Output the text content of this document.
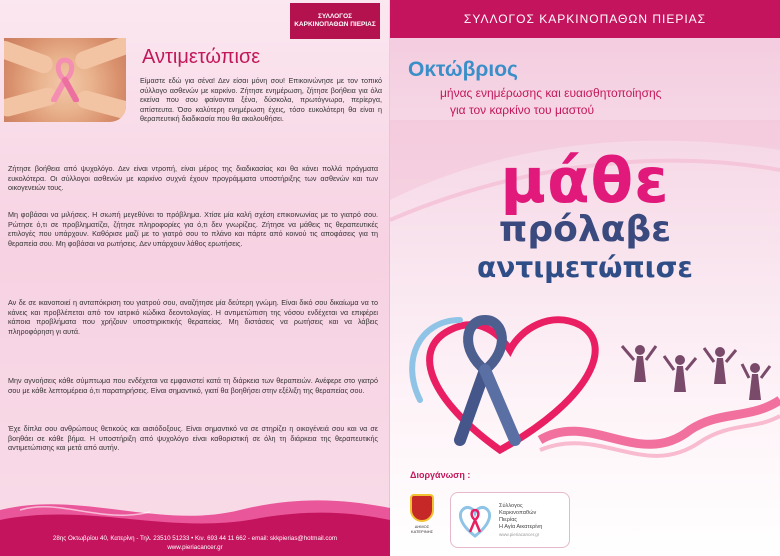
ΣΥΛΛΟΓΟΣ ΚΑΡΚΙΝΟΠΑΘΩΝ ΠΙΕΡΙΑΣ
Αντιμετώπισε
Είμαστε εδώ για σένα! Δεν είσαι μόνη σου! Επικοινώνησε με τον τοπικό σύλλογο ασθενών με καρκίνο. Ζήτησε ενημέρωση, ζήτησε βοήθεια για όλα εκείνα που σου φαίνονται ξένα, δύσκολα, πρωτόγνωρα, περίεργα, απίστευτα. Όσο καλύτερη ενημέρωση έχεις, τόσο ευκολότερη θα είναι η θεραπευτική διαδικασία που θα ακολουθήσει.
Ζήτησε βοήθεια από ψυχολόγο. Δεν είναι ντροπή, είναι μέρος της διαδικασίας και θα κάνει πολλά πράγματα ευκολότερα. Οι σύλλογοι ασθενών με καρκίνο συχνά έχουν προγράμματα υποστήριξης των ασθενών και των οικογενειών τους.
Μη φοβάσαι να μιλήσεις. Η σιωπή μεγεθύνει το πρόβλημα. Χτίσε μία καλή σχέση επικοινωνίας με το γιατρό σου. Ρώτησε ό,τι σε προβληματίζει, ζήτησε πληροφορίες για ό,τι δεν γνωρίζεις. Ζήτησε να μάθεις τις θεραπευτικές επιλογές που υπάρχουν. Καθόρισε μαζί με το γιατρό σου το πλάνο και πάρτε από κοινού τις αποφάσεις για τη θεραπεία σου. Μη φοβάσαι να ρωτήσεις. Δεν υπάρχουν λάθος ερωτήσεις.
Αν δε σε ικανοποιεί η ανταπόκριση του γιατρού σου, αναζήτησε μία δεύτερη γνώμη. Είναι δικό σου δικαίωμα να το κάνεις και προβλέπεται από τον ιατρικό κώδικα δεοντολογίας. Η αντιμετώπιση της νόσου ενδέχεται να επιφέρει κάποια προβλήματα που χρήζουν υποστηρικτικής θεραπείας. Μη διστάσεις να ρωτήσεις και να λάβεις πληροφόρηση γι αυτά.
Μην αγνοήσεις κάθε σύμπτωμα που ενδέχεται να εμφανιστεί κατά τη διάρκεια των θεραπειών. Ανέφερε στο γιατρό σου με κάθε λεπτομέρεια ό,τι παρατηρήσεις. Είναι σημαντικό, γιατί θα βοηθήσει στην εξέλιξη της θεραπείας σου.
Έχε δίπλα σου ανθρώπους θετικούς και αισιόδοξους. Είναι σημαντικό να σε στηρίζει η οικογένειά σου και να σε βοηθάει σε κάθε βήμα. Η υποστήριξη από ψυχολόγο είναι καθοριστική σε όλη τη διάρκεια της θεραπευτικής αντιμετώπισης και μετά από αυτήν.
28ης Οκτωβρίου 40, Κατερίνη - Τηλ. 23510 51233 • Κιν. 693 44 11 662 - email: skkpierias@hotmail.com
www.pieriacancer.gr
ΣΥΛΛΟΓΟΣ ΚΑΡΚΙΝΟΠΑΘΩΝ ΠΙΕΡΙΑΣ
Οκτώβριος
μήνας ενημέρωσης και ευαισθητοποίησης
για τον καρκίνο του μαστού
μάθε
πρόλαβε
αντιμετώπισε
Διοργάνωση :
ΔΗΜΟΣ ΚΑΤΕΡΙΝΗΣ
Σύλλογος
Καρκινοπαθών
Πιερίας
Η Αγία Αικατερίνη
www.pieriacancer.gr
